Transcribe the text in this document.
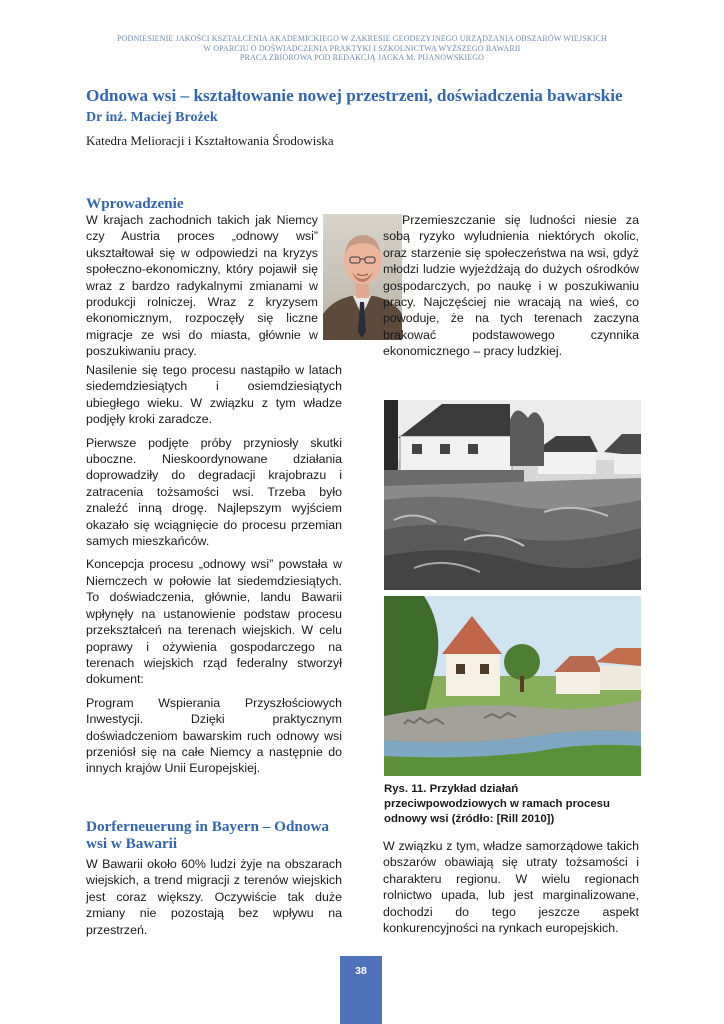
PODNIESIENIE JAKOŚCI KSZTAŁCENIA AKADEMICKIEGO W ZAKRESIE GEODEZYJNEGO URZĄDZANIA OBSZARÓW WIEJSKICH
W OPARCIU O DOŚWIADCZENIA PRAKTYKI I SZKOLNICTWA WYŻSZEGO BAWARII
PRACA ZBIOROWA POD REDAKCJĄ JACKA M. PIJANOWSKIEGO
Odnowa wsi – kształtowanie nowej przestrzeni, doświadczenia bawarskie

Dr inż. Maciej Brożek

Katedra Melioracji i Kształtowania Środowiska

Wprowadzenie

W krajach zachodnich takich jak Niemcy czy Austria proces „odnowy wsi” ukształtował się w odpowiedzi na kryzys społeczno-ekonomiczny, który pojawił się wraz z bardzo radykalnymi zmianami w produkcji rolniczej. Wraz z kryzysem ekonomicznym, rozpoczęły się liczne migracje ze wsi do miasta, głównie w poszukiwaniu pracy.

Przemieszczanie się ludności niesie za sobą ryzyko wyludnienia niektórych okolic, oraz starzenie się społeczeństwa na wsi, gdyż młodzi ludzie wyjeżdżają do dużych ośrodków gospodarczych, po naukę i w poszukiwaniu pracy. Najczęściej nie wracają na wieś, co powoduje, że na tych terenach zaczyna brakować podstawowego czynnika ekonomicznego – pracy ludzkiej.

Nasilenie się tego procesu nastąpiło w latach siedemdziesiątych i osiemdziesiątych ubiegłego wieku. W związku z tym władze podjęły kroki zaradcze.

Pierwsze podjęte próby przyniosły skutki uboczne. Nieskoordynowane działania doprowadziły do degradacji krajobrazu i zatracenia tożsamości wsi. Trzeba było znaleźć inną drogę. Najlepszym wyjściem okazało się wciągnięcie do procesu przemian samych mieszkańców.

Koncepcja procesu „odnowy wsi” powstała w Niemczech w połowie lat siedemdziesiątych. To doświadczenia, głównie, landu Bawarii wpłynęły na ustanowienie podstaw procesu przekształceń na terenach wiejskich. W celu poprawy i ożywienia gospodarczego na terenach wiejskich rząd federalny stworzył dokument:

Program Wspierania Przyszłościowych Inwestycji. Dzięki praktycznym doświadczeniom bawarskim ruch odnowy wsi przeniósł się na całe Niemcy a następnie do innych krajów Unii Europejskiej.

Rys. 11. Przykład działań przeciwpowodziowych w ramach procesu odnowy wsi (źródło: [Rill 2010])

Dorferneuerung in Bayern – Odnowa wsi w Bawarii

W Bawarii około 60% ludzi żyje na obszarach wiejskich, a trend migracji z terenów wiejskich jest coraz większy. Oczywiście tak duże zmiany nie pozostają bez wpływu na przestrzeń.

W związku z tym, władze samorządowe takich obszarów obawiają się utraty tożsamości i charakteru regionu. W wielu regionach rolnictwo upada, lub jest marginalizowane, dochodzi do tego jeszcze aspekt konkurencyjności na rynkach europejskich.

38
